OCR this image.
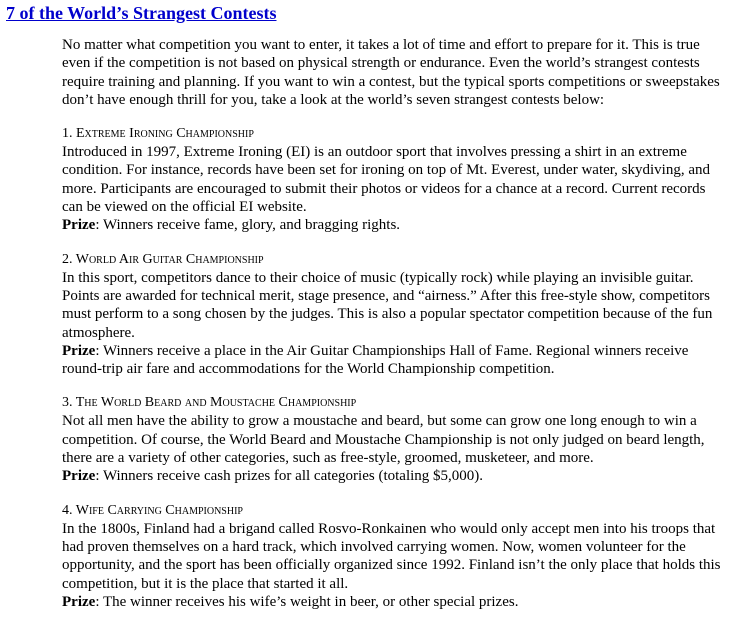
7 of the World’s Strangest Contests

No matter what competition you want to enter, it takes a lot of time and effort to prepare for it. This is true even if the competition is not based on physical strength or endurance. Even the world’s strangest contests require training and planning. If you want to win a contest, but the typical sports competitions or sweepstakes don’t have enough thrill for you, take a look at the world’s seven strangest contests below:

1. Extreme Ironing Championship

Introduced in 1997, Extreme Ironing (EI) is an outdoor sport that involves pressing a shirt in an extreme condition. For instance, records have been set for ironing on top of Mt. Everest, under water, skydiving, and more. Participants are encouraged to submit their photos or videos for a chance at a record. Current records can be viewed on the official EI website.

Prize: Winners receive fame, glory, and bragging rights.

2. World Air Guitar Championship

In this sport, competitors dance to their choice of music (typically rock) while playing an invisible guitar. Points are awarded for technical merit, stage presence, and “airness.” After this free-style show, competitors must perform to a song chosen by the judges. This is also a popular spectator competition because of the fun atmosphere.

Prize: Winners receive a place in the Air Guitar Championships Hall of Fame. Regional winners receive round-trip air fare and accommodations for the World Championship competition.

3. The World Beard and Moustache Championship

Not all men have the ability to grow a moustache and beard, but some can grow one long enough to win a competition. Of course, the World Beard and Moustache Championship is not only judged on beard length, there are a variety of other categories, such as free-style, groomed, musketeer, and more.

Prize: Winners receive cash prizes for all categories (totaling $5,000).

4. Wife Carrying Championship

In the 1800s, Finland had a brigand called Rosvo-Ronkainen who would only accept men into his troops that had proven themselves on a hard track, which involved carrying women. Now, women volunteer for the opportunity, and the sport has been officially organized since 1992. Finland isn’t the only place that holds this competition, but it is the place that started it all.

Prize: The winner receives his wife’s weight in beer, or other special prizes.
